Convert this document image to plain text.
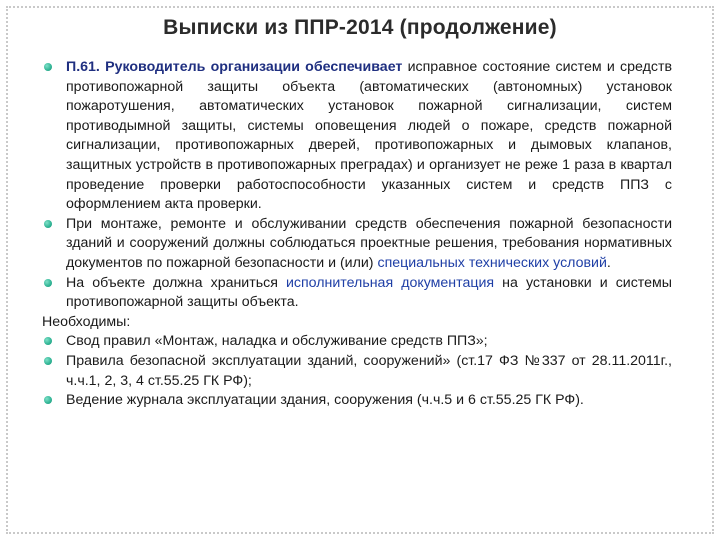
Выписки из ППР-2014 (продолжение)

П.61. Руководитель организации обеспечивает исправное состояние систем и средств противопожарной защиты объекта (автоматических (автономных) установок пожаротушения, автоматических установок пожарной сигнализации, систем противодымной защиты, системы оповещения людей о пожаре, средств пожарной сигнализации, противопожарных дверей, противопожарных и дымовых клапанов, защитных устройств в противопожарных преградах) и организует не реже 1 раза в квартал проведение проверки работоспособности указанных систем и средств ППЗ с оформлением акта проверки.

При монтаже, ремонте и обслуживании средств обеспечения пожарной безопасности зданий и сооружений должны соблюдаться проектные решения, требования нормативных документов по пожарной безопасности и (или) специальных технических условий.

На объекте должна храниться исполнительная документация на установки и системы противопожарной защиты объекта.

Необходимы:

Свод правил «Монтаж, наладка и обслуживание средств ППЗ»;

Правила безопасной эксплуатации зданий, сооружений» (ст.17 ФЗ №337 от 28.11.2011г., ч.ч.1, 2, 3, 4 ст.55.25 ГК РФ);

Ведение журнала эксплуатации здания, сооружения (ч.ч.5 и 6 ст.55.25 ГК РФ).
